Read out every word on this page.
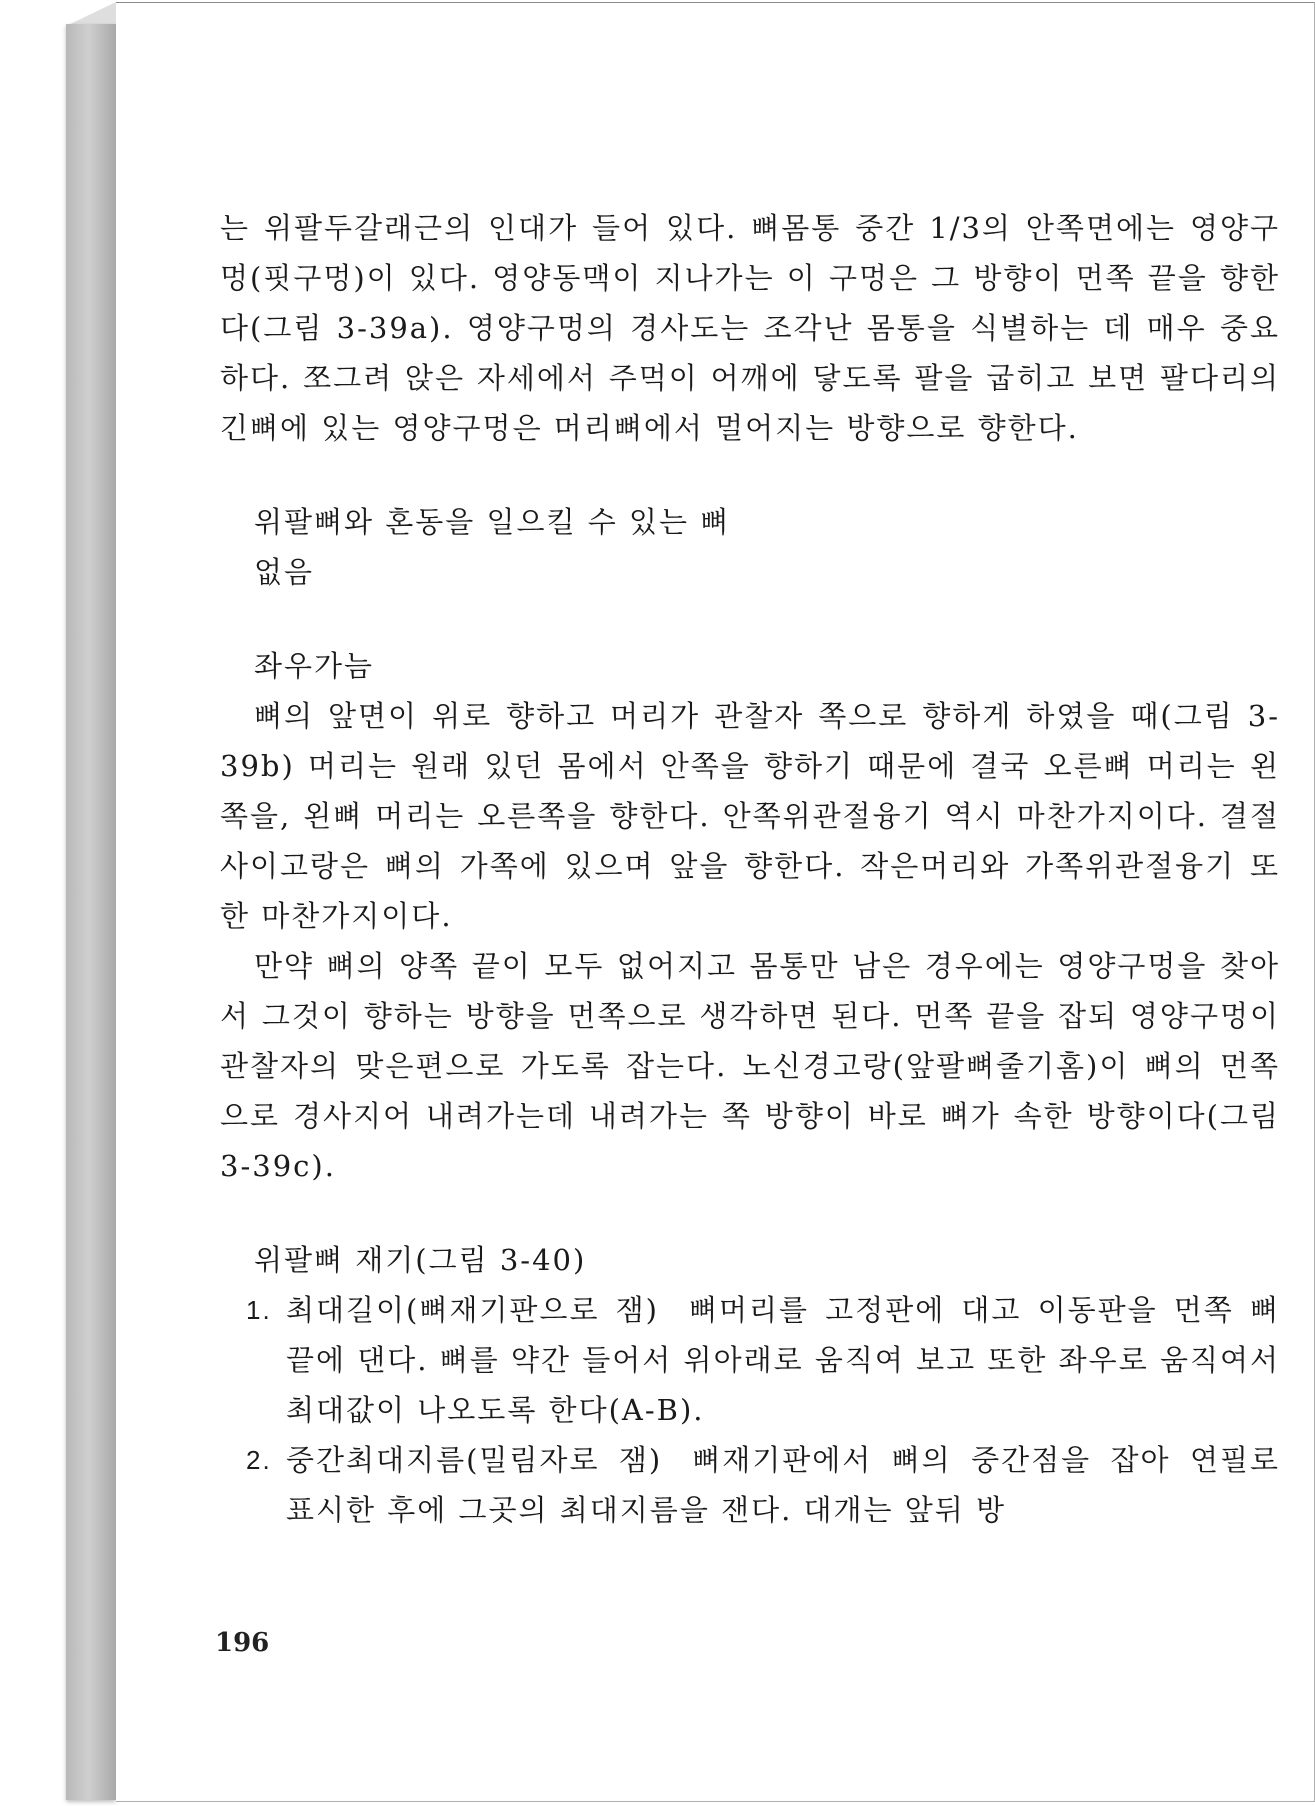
는 위팔두갈래근의 인대가 들어 있다. 뼈몸통 중간 1/3의 안쪽면에는 영양구멍(핏구멍)이 있다. 영양동맥이 지나가는 이 구멍은 그 방향이 먼쪽 끝을 향한다(그림 3-39a). 영양구멍의 경사도는 조각난 몸통을 식별하는 데 매우 중요하다. 쪼그려 앉은 자세에서 주먹이 어깨에 닿도록 팔을 굽히고 보면 팔다리의 긴뼈에 있는 영양구멍은 머리뼈에서 멀어지는 방향으로 향한다.

위팔뼈와 혼동을 일으킬 수 있는 뼈

없음

좌우가늠

뼈의 앞면이 위로 향하고 머리가 관찰자 쪽으로 향하게 하였을 때(그림 3-39b) 머리는 원래 있던 몸에서 안쪽을 향하기 때문에 결국 오른뼈 머리는 왼쪽을, 왼뼈 머리는 오른쪽을 향한다. 안쪽위관절융기 역시 마찬가지이다. 결절사이고랑은 뼈의 가쪽에 있으며 앞을 향한다. 작은머리와 가쪽위관절융기 또한 마찬가지이다.

만약 뼈의 양쪽 끝이 모두 없어지고 몸통만 남은 경우에는 영양구멍을 찾아서 그것이 향하는 방향을 먼쪽으로 생각하면 된다. 먼쪽 끝을 잡되 영양구멍이 관찰자의 맞은편으로 가도록 잡는다. 노신경고랑(앞팔뼈줄기홈)이 뼈의 먼쪽으로 경사지어 내려가는데 내려가는 쪽 방향이 바로 뼈가 속한 방향이다(그림 3-39c).

위팔뼈 재기(그림 3-40)

1. 최대길이(뼈재기판으로 잼) 뼈머리를 고정판에 대고 이동판을 먼쪽 뼈끝에 댄다. 뼈를 약간 들어서 위아래로 움직여 보고 또한 좌우로 움직여서 최대값이 나오도록 한다(A-B).
2. 중간최대지름(밀림자로 잼) 뼈재기판에서 뼈의 중간점을 잡아 연필로 표시한 후에 그곳의 최대지름을 잰다. 대개는 앞뒤 방
196
